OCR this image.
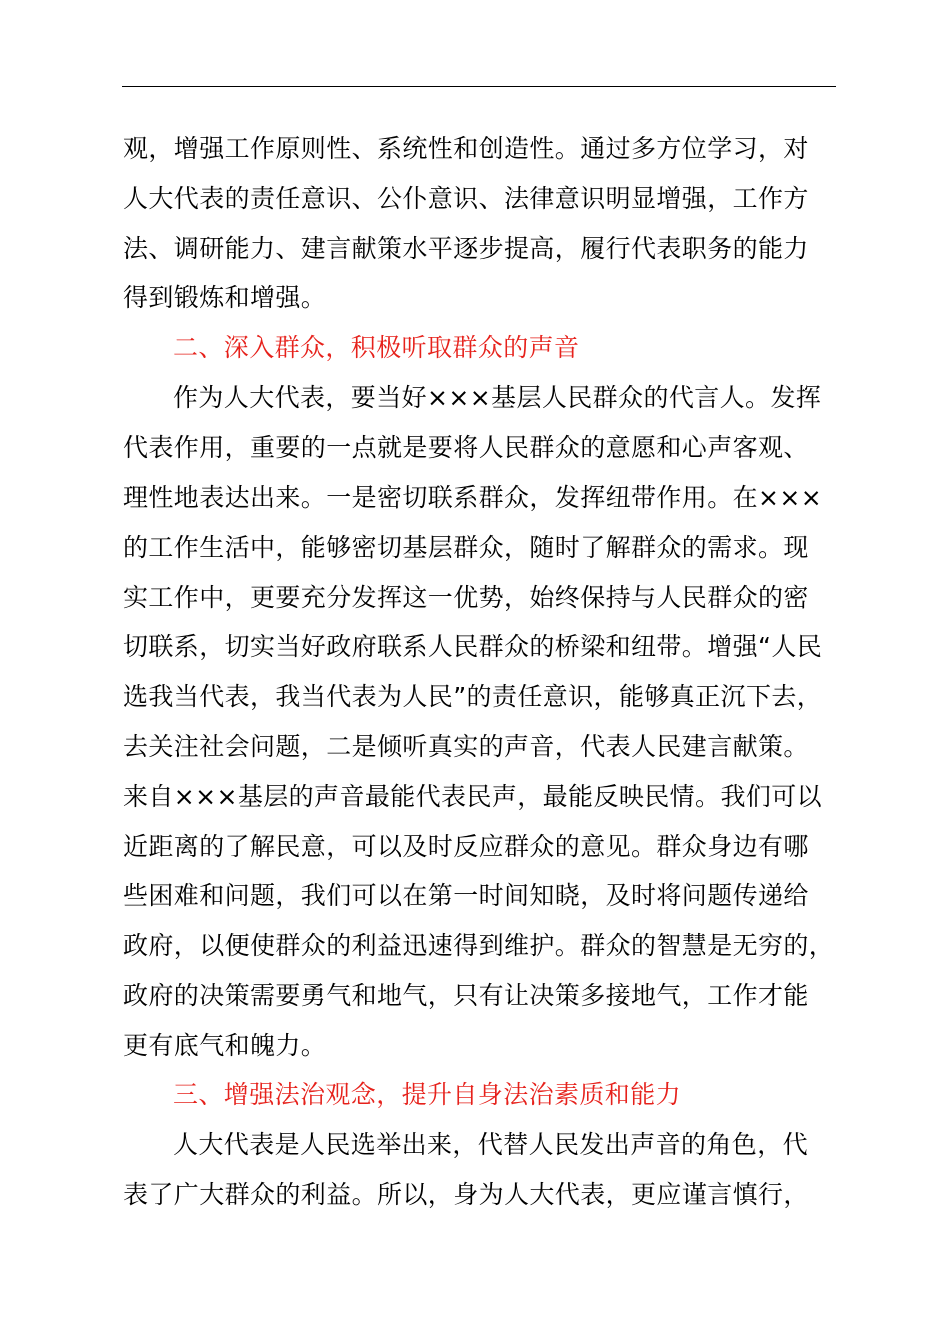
观，增强工作原则性、系统性和创造性。通过多方位学习，对
人大代表的责任意识、公仆意识、法律意识明显增强，工作方
法、调研能力、建言献策水平逐步提高，履行代表职务的能力
得到锻炼和增强。
二、深入群众，积极听取群众的声音
作为人大代表，要当好×××基层人民群众的代言人。发挥
代表作用，重要的一点就是要将人民群众的意愿和心声客观、
理性地表达出来。一是密切联系群众，发挥纽带作用。在×××
的工作生活中，能够密切基层群众，随时了解群众的需求。现
实工作中，更要充分发挥这一优势，始终保持与人民群众的密
切联系，切实当好政府联系人民群众的桥梁和纽带。增强“人民
选我当代表，我当代表为人民”的责任意识，能够真正沉下去，
去关注社会问题，二是倾听真实的声音，代表人民建言献策。
来自×××基层的声音最能代表民声，最能反映民情。我们可以
近距离的了解民意，可以及时反应群众的意见。群众身边有哪
些困难和问题，我们可以在第一时间知晓，及时将问题传递给
政府，以便使群众的利益迅速得到维护。群众的智慧是无穷的，
政府的决策需要勇气和地气，只有让决策多接地气，工作才能
更有底气和魄力。
三、增强法治观念，提升自身法治素质和能力
人大代表是人民选举出来，代替人民发出声音的角色，代
表了广大群众的利益。所以，身为人大代表，更应谨言慎行，
